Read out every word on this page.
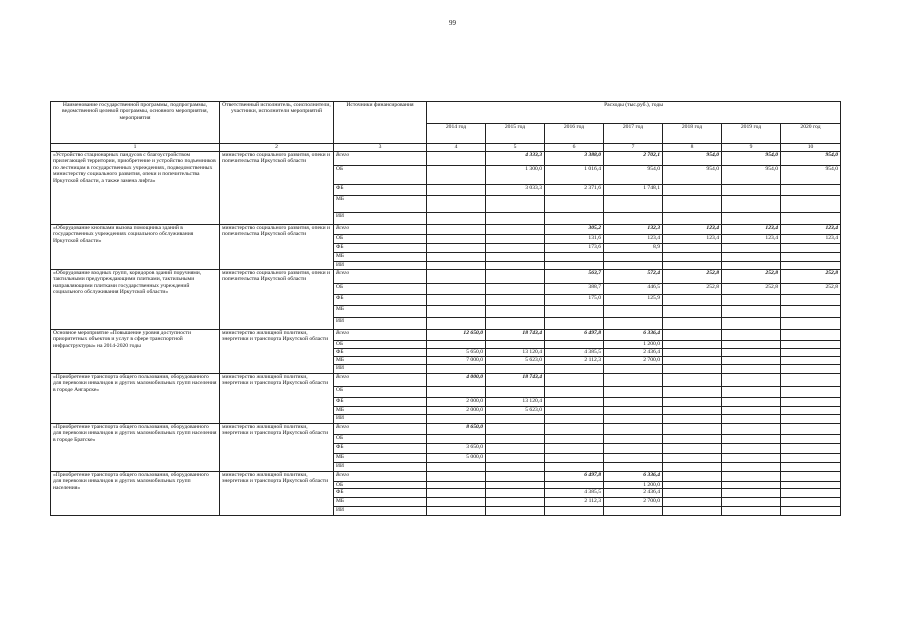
99
Наименование государственной программы, подпрограммы, ведомственной целевой программы, основного мероприятия, мероприятия	Ответственный исполнитель, соисполнители, участники, исполнители мероприятий	Источники финансирования	Расходы (тыс.руб.), годы						
			2014 год	2015 год	2016 год	2017 год	2018 год	2019 год	2020 год
1	2	3	4	5	6	7	8	9	10
«Устройство стационарных пандусов с благоустройством прилегающей территории, приобретение и устройство подъемников по лестницам в государственных учреждениях, подведомственных министерству социального развития, опеки и попечительства Иркутской области, а также замена лифта»	министерство социального развития, опеки и попечительства Иркутской области	Всего		4 333,3	3 388,0	2 702,1	954,0	954,0	954,0
		ОБ		1 300,0	1 016,4	954,0	954,0	954,0	954,0
		ФБ		3 033,3	2 371,6	1 748,1			
		МБ							
		ИИ							
«Оборудование кнопками вызова помощника зданий в государственных учреждениях социального обслуживания Иркутской области»	министерство социального развития, опеки и попечительства Иркутской области	Всего			305,2	132,3	123,4	123,4	123,4
		ОБ			131,6	123,4	123,4	123,4	123,4
		ФБ			173,6	8,9			
		МБ							
		ИИ							
«Оборудование входных групп, коридоров зданий поручнями, тактильными предупреждающими плитками, тактильными направляющими плитками государственных учреждений социального обслуживания Иркутской области»	министерство социального развития, опеки и попечительства Иркутской области	Всего			563,7	572,4	252,8	252,8	252,8
		ОБ			388,7	446,5	252,8	252,8	252,8
		ФБ			175,0	125,9			
		МБ							
		ИИ							
Основное мероприятие «Повышение уровня доступности приоритетных объектов и услуг в сфере транспортной инфраструктуры» на 2014-2020 годы	министерство жилищной политики, энергетики и транспорта Иркутской области	Всего	12 650,0	18 743,4	6 497,8	6 336,4			
		ОБ				1 200,0			
		ФБ	5 650,0	13 120,4	4 385,5	2 436,4			
		МБ	7 000,0	5 623,0	2 112,3	2 700,0			
		ИИ							
«Приобретение транспорта общего пользования, оборудованного для перевозки инвалидов и других маломобильных групп населения в городе Ангарске»	министерство жилищной политики, энергетики и транспорта Иркутской области	Всего	4 000,0	18 743,4					
		ОБ							
		ФБ	2 000,0	13 120,4					
		МБ	2 000,0	5 623,0					
		ИИ							
«Приобретение транспорта общего пользования, оборудованного для перевозки инвалидов и других маломобильных групп населения в городе Братске»	министерство жилищной политики, энергетики и транспорта Иркутской области	Всего	8 650,0						
		ОБ							
		ФБ	3 650,0						
		МБ	5 000,0						
		ИИ							
«Приобретение транспорта общего пользования, оборудованного для перевозки инвалидов и других маломобильных групп населения»	министерство жилищной политики, энергетики и транспорта Иркутской области	Всего			6 497,8	6 336,4			
		ОБ				1 200,0			
		ФБ			4 385,5	2 436,4			
		МБ			2 112,3	2 700,0			
		ИИ							
